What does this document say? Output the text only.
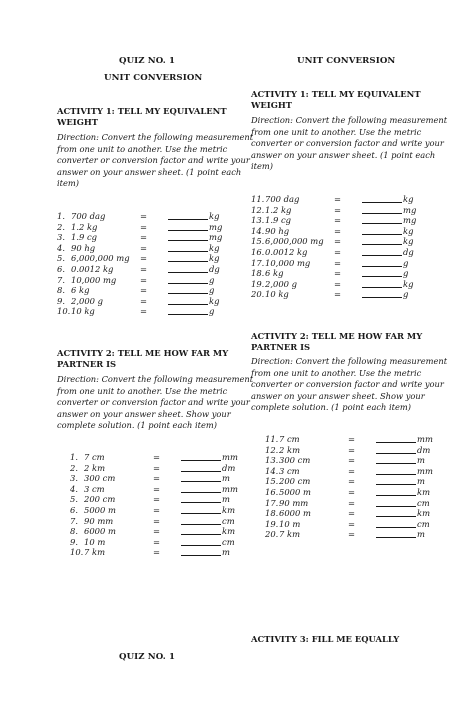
QUIZ NO. 1
UNIT CONVERSION
ACTIVITY 1: TELL MY EQUIVALENT
WEIGHT
Direction: Convert the following measurement
from one unit to another. Use the metric
converter or conversion factor and write your
answer on your answer sheet. (1 point each
item)
1. 700 dag	=	kg
2. 1.2 kg	=	mg
3. 1.9 cg	=	mg
4. 90 hg	=	kg
5. 6,000,000 mg =	kg
6. 0.0012 kg	=	dg
7. 10,000 mg	=	g
8. 6 kg	=	g
9. 2,000 g	=	kg
10. 10 kg	=	g
ACTIVITY 2: TELL ME HOW FAR MY
PARTNER IS
Direction: Convert the following measurement
from one unit to another. Use the metric
converter or conversion factor and write your
answer on your answer sheet. Show your
complete solution. (1 point each item)
1. 7 cm	=	mm
2. 2 km	=	dm
3. 300 cm	=	m
4. 3 cm	=	mm
5. 200 cm	=	m
6. 5000 m	=	km
7. 90 mm	=	cm
8. 6000 m	=	km
9. 10 m	=	cm
10. 7 km	=	m
QUIZ NO. 1
UNIT CONVERSION
ACTIVITY 1: TELL MY EQUIVALENT
WEIGHT
Direction: Convert the following measurement
from one unit to another. Use the metric
converter or conversion factor and write your
answer on your answer sheet. (1 point each
item)
11. 700 dag	=	kg
12. 1.2 kg	=	mg
13. 1.9 cg	=	mg
14. 90 hg	=	kg
15. 6,000,000 mg =	kg
16. 0.0012 kg	=	dg
17. 10,000 mg	=	g
18. 6 kg	=	g
19. 2,000 g	=	kg
20. 10 kg	=	g
ACTIVITY 2: TELL ME HOW FAR MY
PARTNER IS
Direction: Convert the following measurement
from one unit to another. Use the metric
converter or conversion factor and write your
answer on your answer sheet. Show your
complete solution. (1 point each item)
11. 7 cm	=	mm
12. 2 km	=	dm
13. 300 cm	=	m
14. 3 cm	=	mm
15. 200 cm	=	m
16. 5000 m	=	km
17. 90 mm	=	cm
18. 6000 m	=	km
19. 10 m	=	cm
20. 7 km	=	m
ACTIVITY 3: FILL ME EQUALLY
